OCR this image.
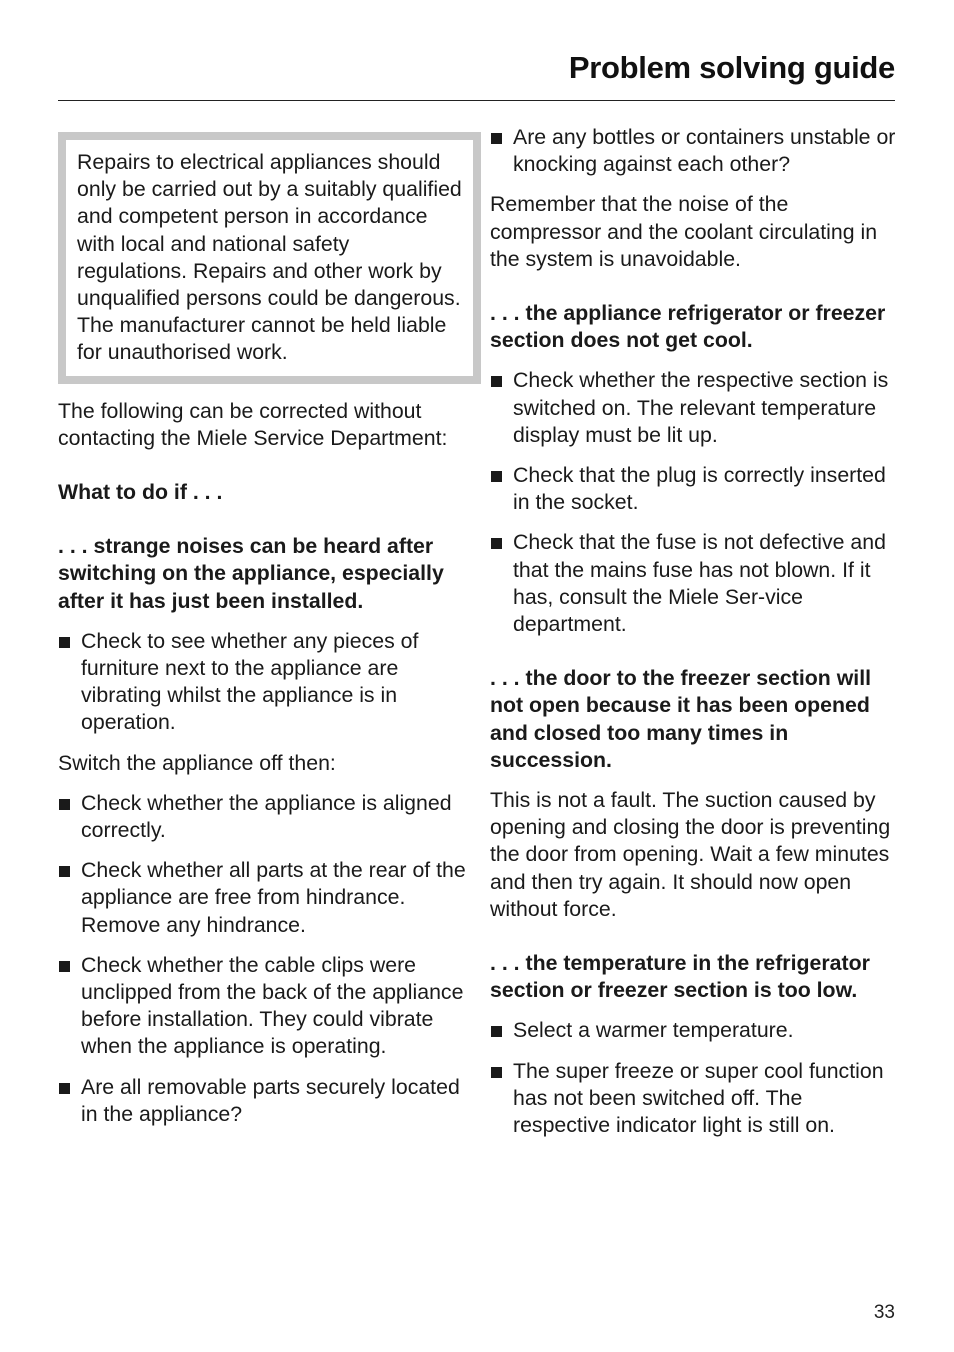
Problem solving guide
Repairs to electrical appliances should only be carried out by a suitably qualified and competent person in accordance with local and national safety regulations. Repairs and other work by unqualified persons could be dangerous. The manufacturer cannot be held liable for unauthorised work.

The following can be corrected without contacting the Miele Service Department:

What to do if . . .
. . . strange noises can be heard after switching on the appliance, especially after it has just been installed.
Check to see whether any pieces of furniture next to the appliance are vibrating whilst the appliance is in operation.

Switch the appliance off then:

Check whether the appliance is aligned correctly.
Check whether all parts at the rear of the appliance are free from hindrance. Remove any hindrance.
Check whether the cable clips were unclipped from the back of the appliance before installation. They could vibrate when the appliance is operating.
Are all removable parts securely located in the appliance?
Are any bottles or containers unstable or knocking against each other?

Remember that the noise of the compressor and the coolant circulating in the system is unavoidable.

. . . the appliance refrigerator or freezer section does not get cool.
Check whether the respective section is switched on. The relevant temperature display must be lit up.
Check that the plug is correctly inserted in the socket.
Check that the fuse is not defective and that the mains fuse has not blown. If it has, consult the Miele Ser-vice department.
. . . the door to the freezer section will not open because it has been opened and closed too many times in succession.

This is not a fault. The suction caused by opening and closing the door is preventing the door from opening. Wait a few minutes and then try again. It should now open without force.

. . . the temperature in the refrigerator section or freezer section is too low.
Select a warmer temperature.
The super freeze or super cool function has not been switched off. The respective indicator light is still on.
33
